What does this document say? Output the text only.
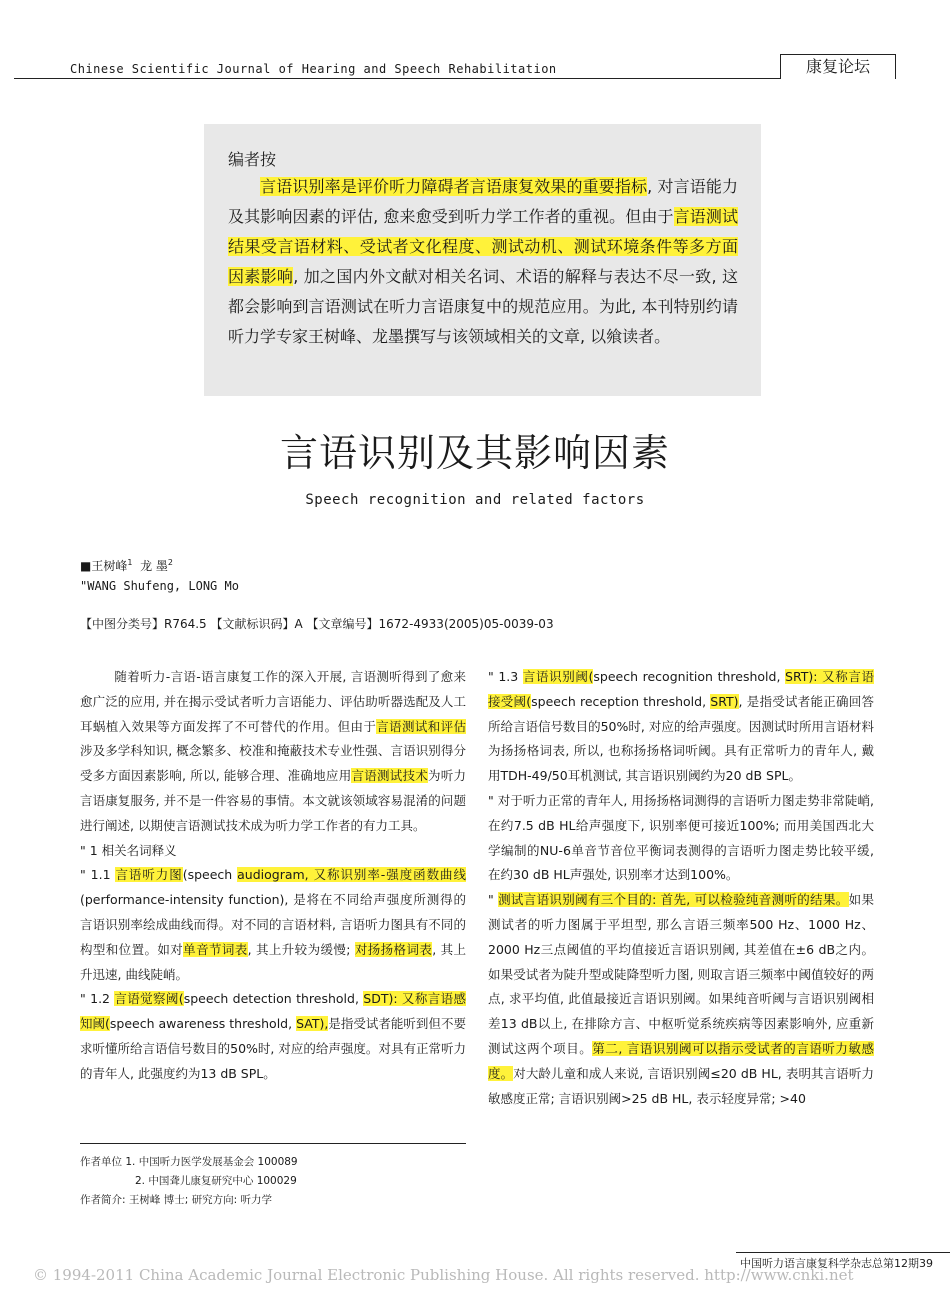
Chinese Scientific Journal of Hearing and Speech Rehabilitation	康复论坛
编者按
言语识别率是评价听力障碍者言语康复效果的重要指标, 对言语能力及其影响因素的评估, 愈来愈受到听力学工作者的重视。但由于言语测试结果受言语材料、受试者文化程度、测试动机、测试环境条件等多方面因素影响, 加之国内外文献对相关名词、术语的解释与表达不尽一致, 这都会影响到言语测试在听力言语康复中的规范应用。为此, 本刊特别约请听力学专家王树峰、龙墨撰写与该领域相关的文章, 以飨读者。
言语识别及其影响因素
Speech recognition and related factors
■王树峰$^1$ 龙 墨$^2$
"WANG Shufeng, LONG Mo
【中图分类号】R764.5 【文献标识码】A 【文章编号】1672-4933(2005)05-0039-03

随着听力-言语-语言康复工作的深入开展, 言语测听得到了愈来愈广泛的应用, 并在揭示受试者听力言语能力、评估助听器选配及人工耳蜗植入效果等方面发挥了不可替代的作用。但由于言语测试和评估涉及多学科知识, 概念繁多、校准和掩蔽技术专业性强、言语识别得分受多方面因素影响, 所以, 能够合理、准确地应用言语测试技术为听力言语康复服务, 并不是一件容易的事情。本文就该领域容易混淆的问题进行阐述, 以期使言语测试技术成为听力学工作者的有力工具。

" 1 相关名词释义

" 1.1 言语听力图(speech audiogram, 又称识别率-强度函数曲线(performance-intensity function), 是将在不同给声强度所测得的言语识别率绘成曲线而得。对不同的言语材料, 言语听力图具有不同的构型和位置。如对单音节词表, 其上升较为缓慢; 对扬扬格词表, 其上升迅速, 曲线陡峭。

" 1.2 言语觉察阈(speech detection threshold, SDT): 又称言语感知阈(speech awareness threshold, SAT),是指受试者能听到但不要求听懂所给言语信号数目的50%时, 对应的给声强度。对具有正常听力的青年人, 此强度约为13 dB SPL。

作者单位 1. 中国听力医学发展基金会 100089
2. 中国聋儿康复研究中心 100029
作者简介: 王树峰 博士; 研究方向: 听力学

" 1.3 言语识别阈(speech recognition threshold, SRT): 又称言语接受阈(speech reception threshold, SRT), 是指受试者能正确回答所给言语信号数目的50%时, 对应的给声强度。因测试时所用言语材料为扬扬格词表, 所以, 也称扬扬格词听阈。具有正常听力的青年人, 戴用TDH-49/50耳机测试, 其言语识别阈约为20 dB SPL。

" 对于听力正常的青年人, 用扬扬格词测得的言语听力图走势非常陡峭, 在约7.5 dB HL给声强度下, 识别率便可接近100%; 而用美国西北大学编制的NU-6单音节音位平衡词表测得的言语听力图走势比较平缓, 在约30 dB HL声强处, 识别率才达到100%。

" 测试言语识别阈有三个目的: 首先, 可以检验纯音测听的结果。如果测试者的听力图属于平坦型, 那么言语三频率500 Hz、1000 Hz、2000 Hz三点阈值的平均值接近言语识别阈, 其差值在±6 dB之内。如果受试者为陡升型或陡降型听力图, 则取言语三频率中阈值较好的两点, 求平均值, 此值最接近言语识别阈。如果纯音听阈与言语识别阈相差13 dB以上, 在排除方言、中枢听觉系统疾病等因素影响外, 应重新测试这两个项目。第二, 言语识别阈可以指示受试者的言语听力敏感度。对大龄儿童和成人来说, 言语识别阈≤20 dB HL, 表明其言语听力敏感度正常; 言语识别阈>25 dB HL, 表示轻度异常; >40

中国听力语言康复科学杂志总第12期39
© 1994-2011 China Academic Journal Electronic Publishing House. All rights reserved. http://www.cnki.net
